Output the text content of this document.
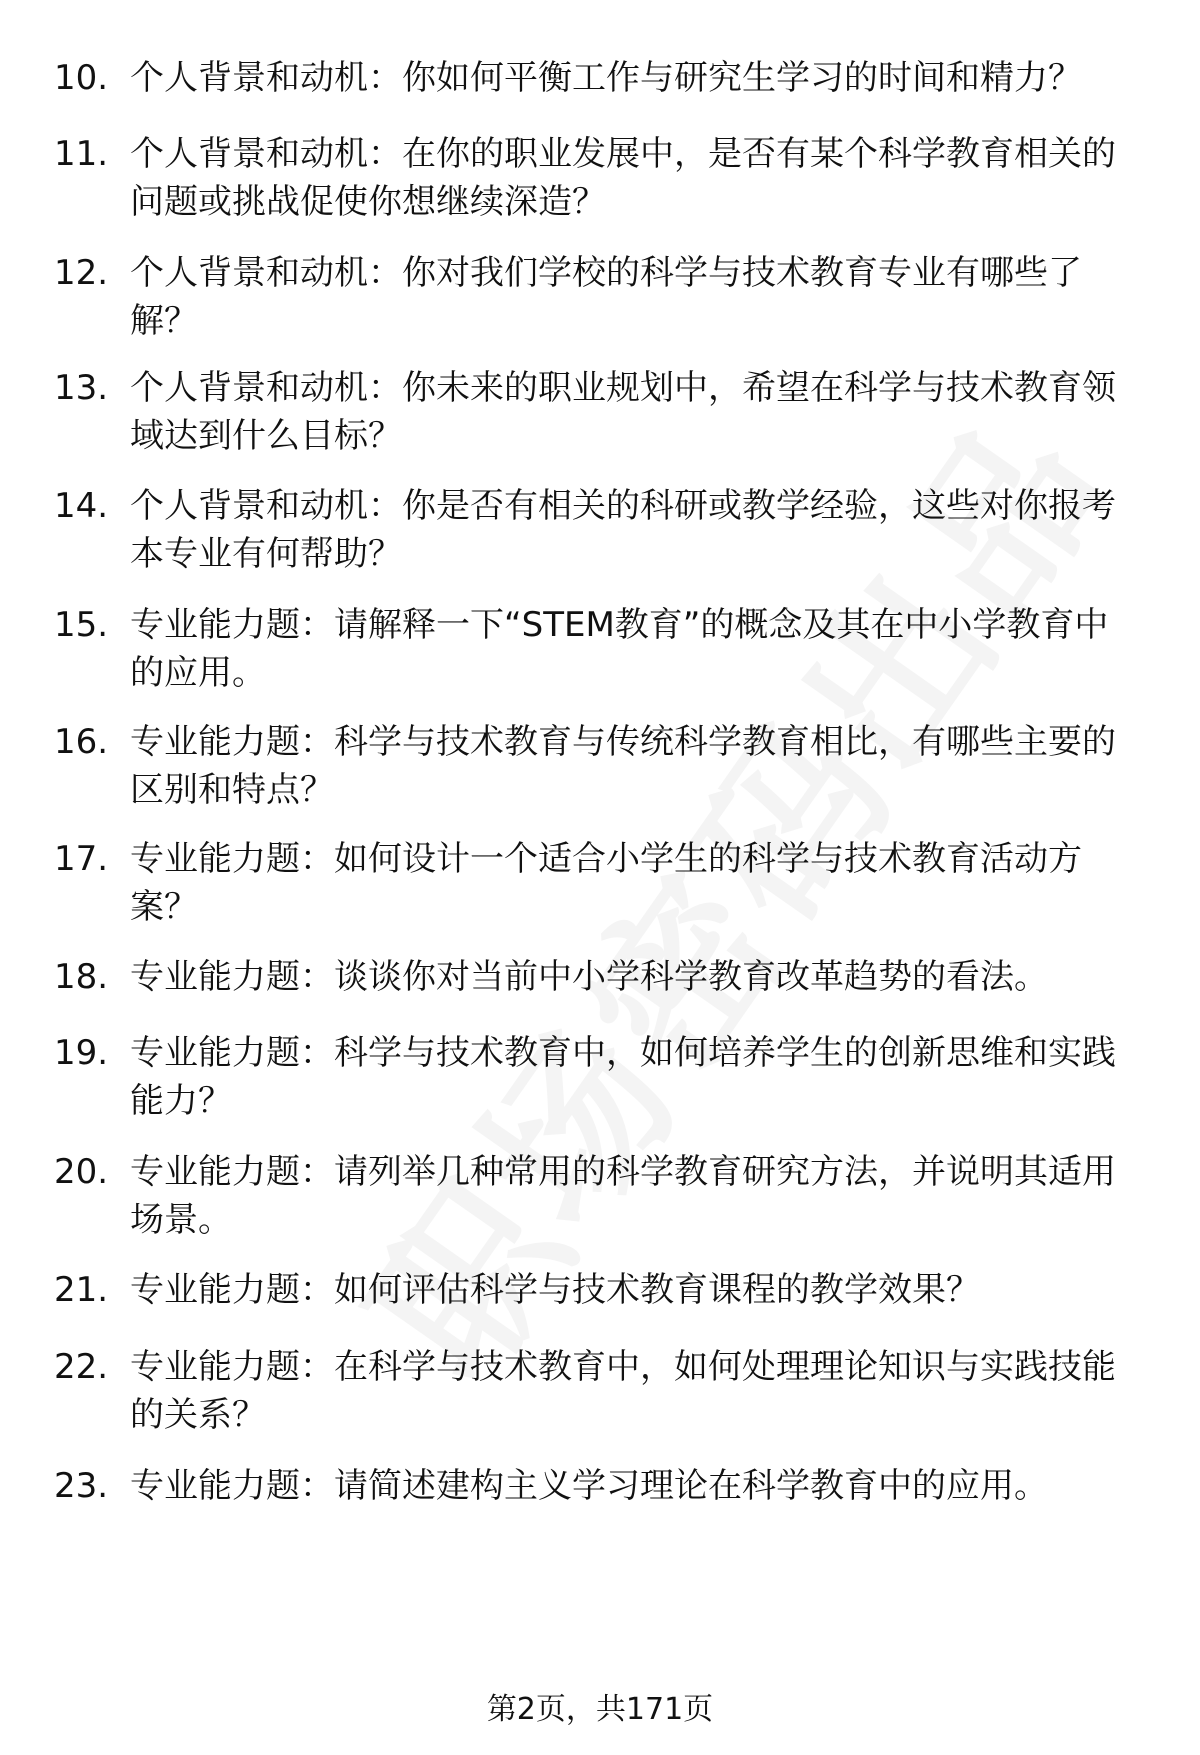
10. 个人背景和动机：你如何平衡工作与研究生学习的时间和精力？
11. 个人背景和动机：在你的职业发展中，是否有某个科学教育相关的问题或挑战促使你想继续深造？
12. 个人背景和动机：你对我们学校的科学与技术教育专业有哪些了解？
13. 个人背景和动机：你未来的职业规划中，希望在科学与技术教育领域达到什么目标？
14. 个人背景和动机：你是否有相关的科研或教学经验，这些对你报考本专业有何帮助？
15. 专业能力题：请解释一下“STEM教育”的概念及其在中小学教育中的应用。
16. 专业能力题：科学与技术教育与传统科学教育相比，有哪些主要的区别和特点？
17. 专业能力题：如何设计一个适合小学生的科学与技术教育活动方案？
18. 专业能力题：谈谈你对当前中小学科学教育改革趋势的看法。
19. 专业能力题：科学与技术教育中，如何培养学生的创新思维和实践能力？
20. 专业能力题：请列举几种常用的科学教育研究方法，并说明其适用场景。
21. 专业能力题：如何评估科学与技术教育课程的教学效果？
22. 专业能力题：在科学与技术教育中，如何处理理论知识与实践技能的关系？
23. 专业能力题：请简述建构主义学习理论在科学教育中的应用。
第2页，共171页
